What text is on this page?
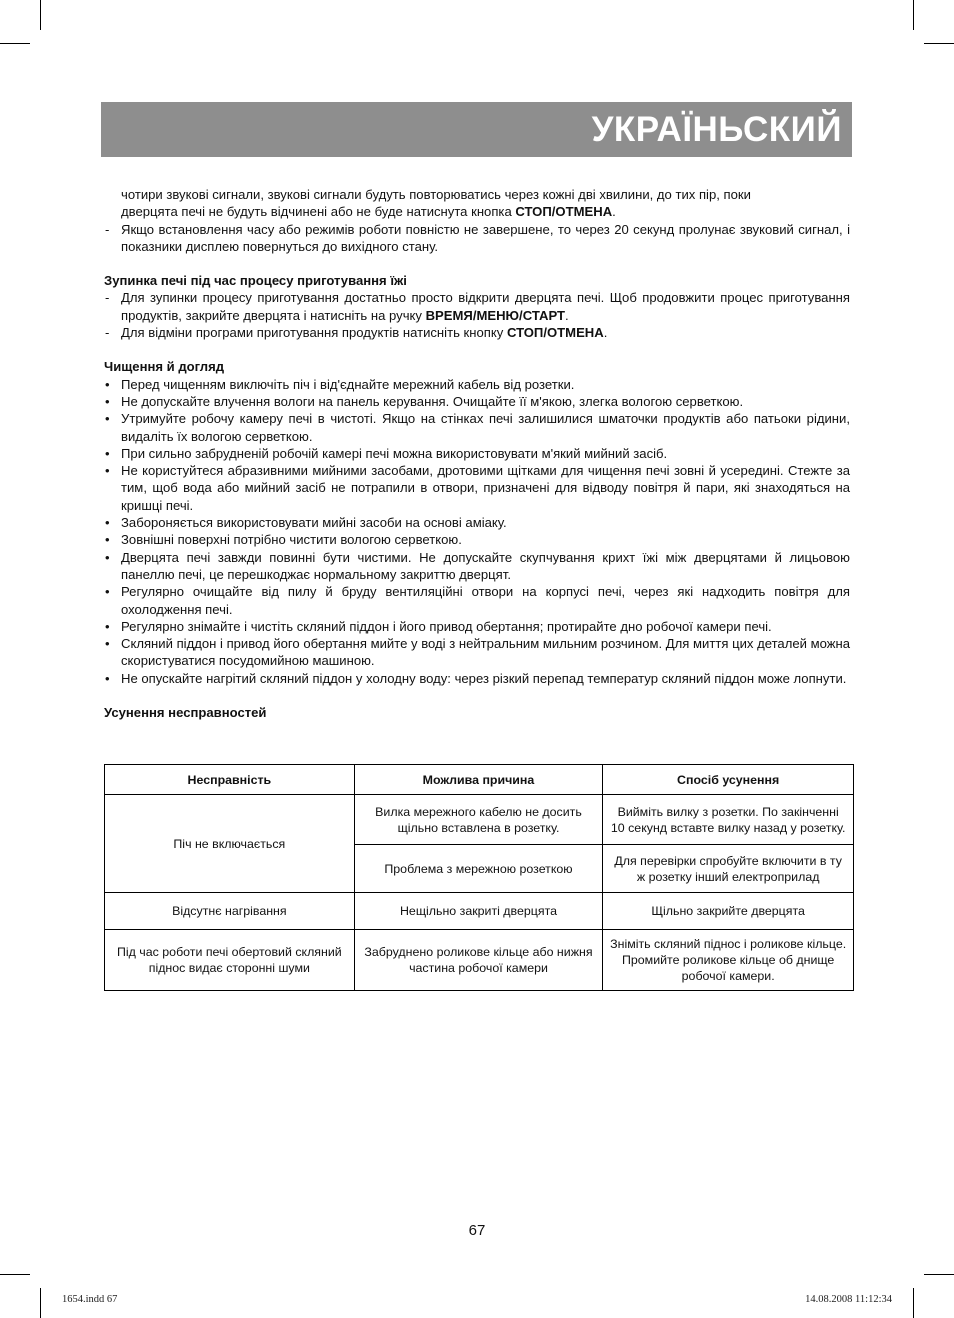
УКРАЇНЬСКИЙ

чотири звукові сигнали, звукові сигнали будуть повторюватись через кожні дві хвилини, до тих пір, поки
дверцята печі не будуть відчинені або не буде натиснута кнопка СТОП/ОТМЕНА.

- Якщо встановлення часу або режимів роботи повністю не завершене, то через 20 секунд пролунає звуковий сигнал, і показники дисплею повернуться до вихідного стану.

Зупинка печі під час процесу приготування їжі

- Для зупинки процесу приготування достатньо просто відкрити дверцята печі. Щоб продовжити процес приготування продуктів, закрийте дверцята і натисніть на ручку ВРЕМЯ/МЕНЮ/СТАРТ.

- Для відміни програми приготування продуктів натисніть кнопку СТОП/ОТМЕНА.

Чищення й догляд

• Перед чищенням виключіть піч і від'єднайте мережний кабель від розетки.

• Не допускайте влучення вологи на панель керування. Очищайте її м'якою, злегка вологою серветкою.

• Утримуйте робочу камеру печі в чистоті. Якщо на стінках печі залишилися шматочки продуктів або патьоки рідини, видаліть їх вологою серветкою.

• При сильно забрудненій робочій камері печі можна використовувати м'який мийний засіб.

• Не користуйтеся абразивними мийними засобами, дротовими щітками для чищення печі зовні й усередині. Стежте за тим, щоб вода або мийний засіб не потрапили в отвори, призначені для відводу повітря й пари, які знаходяться на кришці печі.

• Забороняється використовувати мийні засоби на основі аміаку.

• Зовнішні поверхні потрібно чистити вологою серветкою.

• Дверцята печі завжди повинні бути чистими. Не допускайте скупчування крихт їжі між дверцятами й лицьовою панеллю печі, це перешкоджає нормальному закриттю дверцят.

• Регулярно очищайте від пилу й бруду вентиляційні отвори на корпусі печі, через які надходить повітря для охолодження печі.

• Регулярно знімайте і чистіть скляний піддон і його привод обертання; протирайте дно робочої камери печі.

• Скляний піддон і привод його обертання мийте у воді з нейтральним мильним розчином. Для миття цих деталей можна скористуватися посудомийною машиною.

• Не опускайте нагрітий скляний піддон у холодну воду: через різкий перепад температур скляний піддон може лопнути.

Усунення несправностей

Несправність	Можлива причина	Спосіб усунення
Піч не включається	Вилка мережного кабелю не досить щільно вставлена в розетку.	Вийміть вилку з розетки. По закінченні 10 секунд вставте вилку назад у розетку.
	Проблема з мережною розеткою	Для перевірки спробуйте включити в ту ж розетку інший електроприлад
Відсутнє нагрівання	Нещільно закриті дверцята	Щільно закрийте дверцята
Під час роботи печі обертовий скляний піднос видає сторонні шуми	Забруднено роликове кільце або нижня частина робочої камери	Зніміть скляний піднос і роликове кільце. Промийте роликове кільце об днище робочої камери.
67
1654.indd 67	14.08.2008 11:12:34
